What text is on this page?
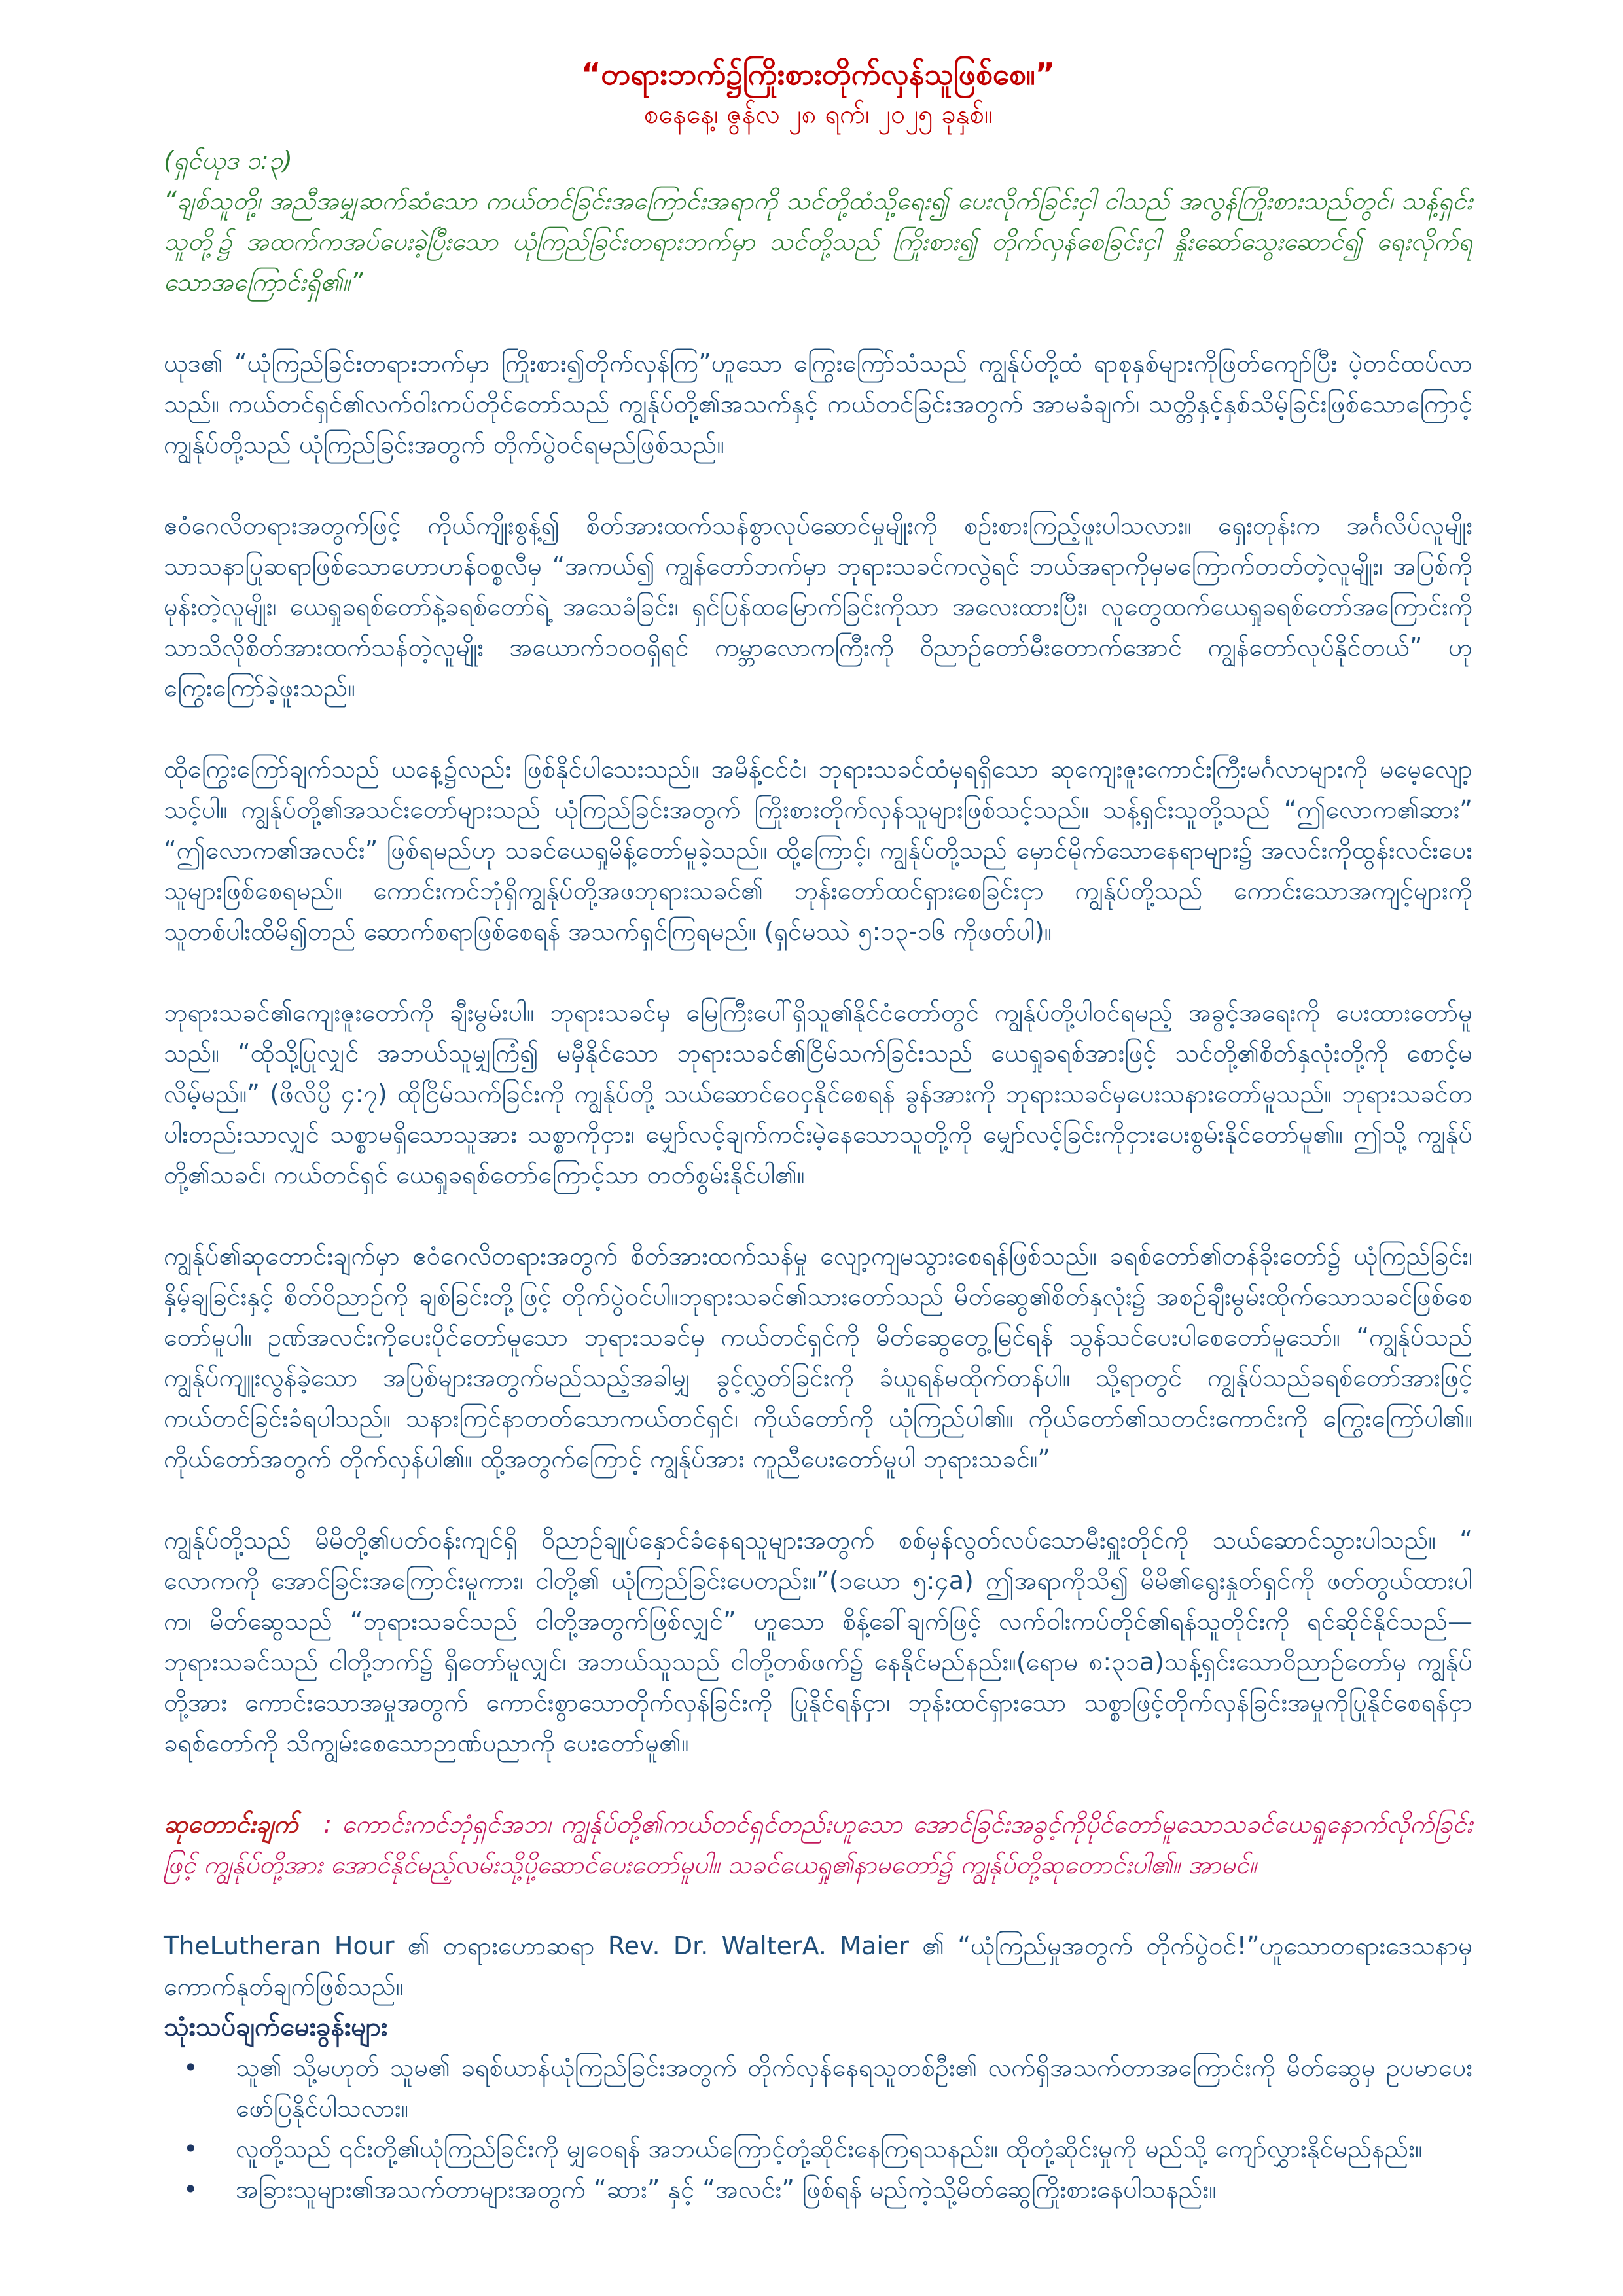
“တရားဘက်၌ကြိုးစားတိုက်လှန်သူဖြစ်စေ။”

စနေနေ့၊ ဇွန်လ ၂၈ ရက်၊ ၂၀၂၅ ခုနှစ်။

(ရှင်ယုဒ ၁:၃)

“ချစ်သူတို့၊ အညီအမျှဆက်ဆံသော ကယ်တင်ခြင်းအကြောင်းအရာကို သင်တို့ထံသို့ရေး၍ ပေးလိုက်ခြင်းငှါ ငါသည် အလွန်ကြိုးစားသည်တွင်၊ သန့်ရှင်းသူတို့၌ အထက်ကအပ်ပေးခဲ့ပြီးသော ယုံကြည်ခြင်းတရားဘက်မှာ သင်တို့သည် ကြိုးစား၍ တိုက်လှန်စေခြင်းငှါ နှိုးဆော်သွေးဆောင်၍ ရေးလိုက်ရသောအကြောင်းရှိ၏။”

ယုဒ၏ “ယုံကြည်ခြင်းတရားဘက်မှာ ကြိုးစား၍တိုက်လှန်ကြ”ဟူသော ကြွေးကြော်သံသည် ကျွန်ုပ်တို့ထံ ရာစုနှစ်များကိုဖြတ်ကျော်ပြီး ပဲ့တင်ထပ်လာသည်။ ကယ်တင်ရှင်၏လက်ဝါးကပ်တိုင်တော်သည် ကျွန်ုပ်တို့၏အသက်နှင့် ကယ်တင်ခြင်းအတွက် အာမခံချက်၊ သတ္တိနှင့်နှစ်သိမ့်ခြင်းဖြစ်သောကြောင့် ကျွန်ုပ်တို့သည် ယုံကြည်ခြင်းအတွက် တိုက်ပွဲဝင်ရမည်ဖြစ်သည်။

ဧဝံဂေလိတရားအတွက်ဖြင့် ကိုယ်ကျိုးစွန့်၍ စိတ်အားထက်သန်စွာလုပ်ဆောင်မှုမျိုးကို စဉ်းစားကြည့်ဖူးပါသလား။ ရှေးတုန်းက အင်္ဂလိပ်လူမျိုးသာသနာပြုဆရာဖြစ်သောဟောဟန်ဝစ္စလီမှ “အကယ်၍ ကျွန်တော်ဘက်မှာ ဘုရားသခင်ကလွဲရင် ဘယ်အရာကိုမှမကြောက်တတ်တဲ့လူမျိုး၊ အပြစ်ကို မုန်းတဲ့လူမျိုး၊ ယေရှုခရစ်တော်နဲ့ခရစ်တော်ရဲ့ အသေခံခြင်း၊ ရှင်ပြန်ထမြောက်ခြင်းကိုသာ အလေးထားပြီး၊ လူတွေထက်ယေရှုခရစ်တော်အကြောင်းကိုသာသိလိုစိတ်အားထက်သန်တဲ့လူမျိုး အယောက်၁၀၀ရှိရင် ကမ္ဘာလောကကြီးကို ဝိညာဉ်တော်မီးတောက်အောင် ကျွန်တော်လုပ်နိုင်တယ်” ဟုကြွေးကြော်ခဲ့ဖူးသည်။

ထိုကြွေးကြော်ချက်သည် ယနေ့၌လည်း ဖြစ်နိုင်ပါသေးသည်။ အမိန့်ငင်ငံ၊ ဘုရားသခင်ထံမှရရှိသော ဆုကျေးဇူးကောင်းကြီးမင်္ဂလာများကို မမေ့လျော့သင့်ပါ။ ကျွန်ုပ်တို့၏အသင်းတော်များသည် ယုံကြည်ခြင်းအတွက် ကြိုးစားတိုက်လှန်သူများဖြစ်သင့်သည်။ သန့်ရှင်းသူတို့သည် “ဤလောက၏ဆား” “ဤလောက၏အလင်း” ဖြစ်ရမည်ဟု သခင်ယေရှုမိန့်တော်မူခဲ့သည်။ ထို့ကြောင့်၊ ကျွန်ုပ်တို့သည် မှောင်မိုက်သောနေရာများ၌ အလင်းကိုထွန်းလင်းပေးသူများဖြစ်စေရမည်။ ကောင်းကင်ဘုံရှိကျွန်ုပ်တို့အဖဘုရားသခင်၏ ဘုန်းတော်ထင်ရှားစေခြင်းငှာ ကျွန်ုပ်တို့သည် ကောင်းသောအကျင့်များကို သူတစ်ပါးထိမိ၍တည် ဆောက်စရာဖြစ်စေရန် အသက်ရှင်ကြရမည်။ (ရှင်မဿဲ ၅:၁၃-၁၆ ကိုဖတ်ပါ)။

ဘုရားသခင်၏ကျေးဇူးတော်ကို ချီးမွမ်းပါ။ ဘုရားသခင်မှ မြေကြီးပေါ်ရှိသူ၏နိုင်ငံတော်တွင် ကျွန်ုပ်တို့ပါဝင်ရမည့် အခွင့်အရေးကို ပေးထားတော်မူသည်။ “ထိုသို့ပြုလျှင် အဘယ်သူမျှကြံ၍ မမှီနိုင်သော ဘုရားသခင်၏ငြိမ်သက်ခြင်းသည် ယေရှုခရစ်အားဖြင့် သင်တို့၏စိတ်နှလုံးတို့ကို စောင့်မလိမ့်မည်။” (ဖိလိပ္ပိ ၄:၇) ထိုငြိမ်သက်ခြင်းကို ကျွန်ုပ်တို့ သယ်ဆောင်ဝေငှနိုင်စေရန် ခွန်အားကို ဘုရားသခင်မှပေးသနားတော်မူသည်။ ဘုရားသခင်တပါးတည်းသာလျှင် သစ္စာမရှိသောသူအား သစ္စာကိုငှား၊ မျှော်လင့်ချက်ကင်းမဲ့နေသောသူတို့ကို မျှော်လင့်ခြင်းကိုငှားပေးစွမ်းနိုင်တော်မူ၏။ ဤသို့ ကျွန်ုပ်တို့၏သခင်၊ ကယ်တင်ရှင် ယေရှုခရစ်တော်ကြောင့်သာ တတ်စွမ်းနိုင်ပါ၏။

ကျွန်ုပ်၏ဆုတောင်းချက်မှာ ဧဝံဂေလိတရားအတွက် စိတ်အားထက်သန်မှု လျော့ကျမသွားစေရန်ဖြစ်သည်။ ခရစ်တော်၏တန်ခိုးတော်၌ ယုံကြည်ခြင်း၊ နှိမ့်ချခြင်းနှင့် စိတ်ဝိညာဉ်ကို ချစ်ခြင်းတို့ဖြင့် တိုက်ပွဲဝင်ပါ။ဘုရားသခင်၏သားတော်သည် မိတ်ဆွေ၏စိတ်နှလုံး၌ အစဉ်ချီးမွမ်းထိုက်သောသခင်ဖြစ်စေတော်မူပါ။ ဥဏ်အလင်းကိုပေးပိုင်တော်မူသော ဘုရားသခင်မှ ကယ်တင်ရှင်ကို မိတ်ဆွေတွေ့မြင်ရန် သွန်သင်ပေးပါစေတော်မူသော်။ “ကျွန်ုပ်သည် ကျွန်ုပ်ကျူးလွန်ခဲ့သော အပြစ်များအတွက်မည်သည့်အခါမျှ ခွင့်လွှတ်ခြင်းကို ခံယူရန်မထိုက်တန်ပါ။ သို့ရာတွင် ကျွန်ုပ်သည်ခရစ်တော်အားဖြင့် ကယ်တင်ခြင်းခံရပါသည်။ သနားကြင်နာတတ်သောကယ်တင်ရှင်၊ ကိုယ်တော်ကို ယုံကြည်ပါ၏။ ကိုယ်တော်၏သတင်းကောင်းကို ကြွေးကြော်ပါ၏။ ကိုယ်တော်အတွက် တိုက်လှန်ပါ၏။ ထို့အတွက်ကြောင့် ကျွန်ုပ်အား ကူညီပေးတော်မူပါ ဘုရားသခင်။”

ကျွန်ုပ်တို့သည် မိမိတို့၏ပတ်ဝန်းကျင်ရှိ ဝိညာဉ်ချုပ်နှောင်ခံနေရသူများအတွက် စစ်မှန်လွတ်လပ်သောမီးရှူးတိုင်ကို သယ်ဆောင်သွားပါသည်။ “ လောကကို အောင်ခြင်းအကြောင်းမူကား၊ ငါတို့၏ ယုံကြည်ခြင်းပေတည်း။”(၁ယော ၅:၄a) ဤအရာကိုသိ၍ မိမိ၏ရွေးနှုတ်ရှင်ကို ဖတ်တွယ်ထားပါက၊ မိတ်ဆွေသည် “ဘုရားသခင်သည် ငါတို့အတွက်ဖြစ်လျှင်” ဟူသော စိန့်ခေါ်ချက်ဖြင့် လက်ဝါးကပ်တိုင်၏ရန်သူတိုင်းကို ရင်ဆိုင်နိုင်သည်—ဘုရားသခင်သည် ငါတို့ဘက်၌ ရှိတော်မူလျှင်၊ အဘယ်သူသည် ငါတို့တစ်ဖက်၌ နေနိုင်မည်နည်း။(ရောမ ၈:၃၁a)သန့်ရှင်းသောဝိညာဉ်တော်မှ ကျွန်ုပ်တို့အား ကောင်းသောအမှုအတွက် ကောင်းစွာသောတိုက်လှန်ခြင်းကို ပြုနိုင်ရန်ငှာ၊ ဘုန်းထင်ရှားသော သစ္စာဖြင့်တိုက်လှန်ခြင်းအမှုကိုပြုနိုင်စေရန်ငှာ ခရစ်တော်ကို သိကျွမ်းစေသောဉာဏ်ပညာကို ပေးတော်မူ၏။

ဆုတောင်းချက် : ကောင်းကင်ဘုံရှင်အဘ၊ ကျွန်ုပ်တို့၏ကယ်တင်ရှင်တည်းဟူသော အောင်ခြင်းအခွင့်ကိုပိုင်တော်မူသောသခင်ယေရှုနောက်လိုက်ခြင်းဖြင့် ကျွန်ုပ်တို့အား အောင်နိုင်မည့်လမ်းသို့ပို့ဆောင်ပေးတော်မူပါ။ သခင်ယေရှု၏နာမတော်၌ ကျွန်ုပ်တို့ဆုတောင်းပါ၏။ အာမင်။

TheLutheran Hour ၏ တရားဟောဆရာ Rev. Dr. WalterA. Maier ၏ “ယုံကြည်မှုအတွက် တိုက်ပွဲဝင်!”ဟူသောတရားဒေသနာမှ ကောက်နုတ်ချက်ဖြစ်သည်။

သုံးသပ်ချက်မေးခွန်းများ

• သူ၏ သို့မဟုတ် သူမ၏ ခရစ်ယာန်ယုံကြည်ခြင်းအတွက် တိုက်လှန်နေရသူတစ်ဦး၏ လက်ရှိအသက်တာအကြောင်းကို မိတ်ဆွေမှ ဥပမာပေးဖော်ပြနိုင်ပါသလား။
• လူတို့သည် ၎င်းတို့၏ယုံကြည်ခြင်းကို မျှဝေရန် အဘယ်ကြောင့်တုံ့ဆိုင်းနေကြရသနည်း။ ထိုတုံ့ဆိုင်းမှုကို မည်သို့ ကျော်လွှားနိုင်မည်နည်း။
• အခြားသူများ၏အသက်တာများအတွက် “ဆား” နှင့် “အလင်း” ဖြစ်ရန် မည်ကဲ့သို့မိတ်ဆွေကြိုးစားနေပါသနည်း။
